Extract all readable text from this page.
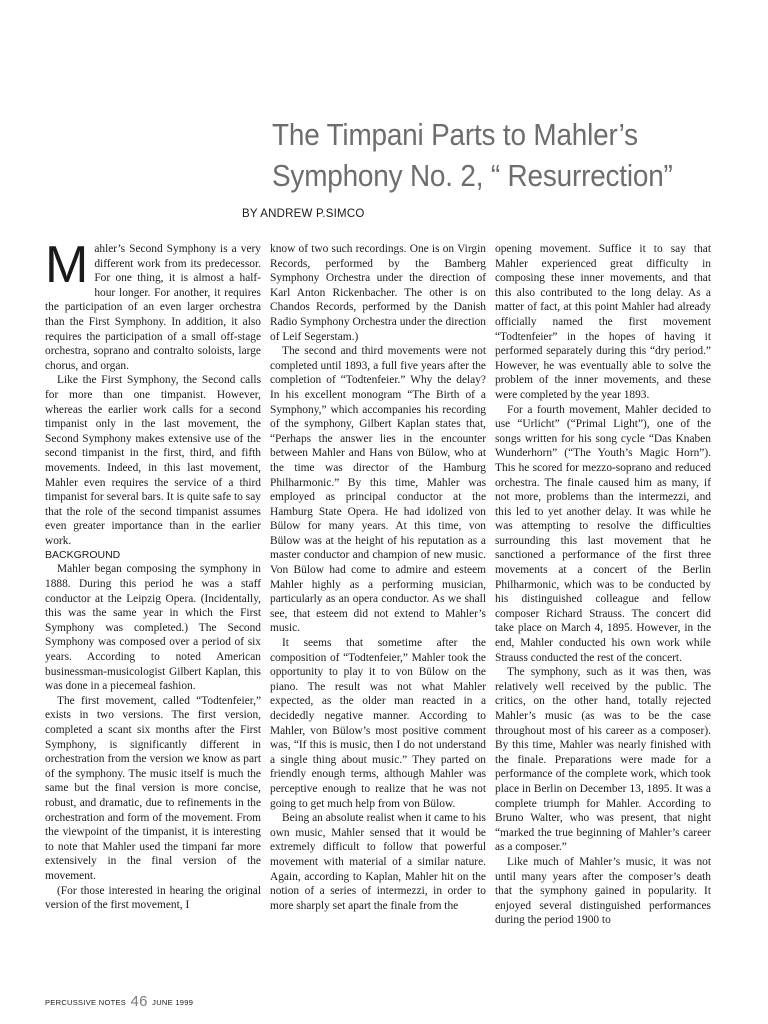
The Timpani Parts to Mahler’s
Symphony No. 2, “ Resurrection”
BY ANDREW P.SIMCO

Mahler’s Second Symphony is a very different work from its predecessor. For one thing, it is almost a half-hour longer. For another, it requires the participation of an even larger orchestra than the First Symphony. In addition, it also requires the participation of a small off-stage orchestra, soprano and contralto soloists, large chorus, and organ.

Like the First Symphony, the Second calls for more than one timpanist. However, whereas the earlier work calls for a second timpanist only in the last movement, the Second Symphony makes extensive use of the second timpanist in the first, third, and fifth movements. Indeed, in this last movement, Mahler even requires the service of a third timpanist for several bars. It is quite safe to say that the role of the second timpanist assumes even greater importance than in the earlier work.

BACKGROUND

Mahler began composing the symphony in 1888. During this period he was a staff conductor at the Leipzig Opera. (Incidentally, this was the same year in which the First Symphony was completed.) The Second Symphony was composed over a period of six years. According to noted American businessman-musicologist Gilbert Kaplan, this was done in a piecemeal fashion.

The first movement, called “Todtenfeier,” exists in two versions. The first version, completed a scant six months after the First Symphony, is significantly different in orchestration from the version we know as part of the symphony. The music itself is much the same but the final version is more concise, robust, and dramatic, due to refinements in the orchestration and form of the movement. From the viewpoint of the timpanist, it is interesting to note that Mahler used the timpani far more extensively in the final version of the movement.

(For those interested in hearing the original version of the first movement, I

know of two such recordings. One is on Virgin Records, performed by the Bamberg Symphony Orchestra under the direction of Karl Anton Rickenbacher. The other is on Chandos Records, performed by the Danish Radio Symphony Orchestra under the direction of Leif Segerstam.)

The second and third movements were not completed until 1893, a full five years after the completion of “Todtenfeier.” Why the delay? In his excellent monogram “The Birth of a Symphony,” which accompanies his recording of the symphony, Gilbert Kaplan states that, “Perhaps the answer lies in the encounter between Mahler and Hans von Bülow, who at the time was director of the Hamburg Philharmonic.” By this time, Mahler was employed as principal conductor at the Hamburg State Opera. He had idolized von Bülow for many years. At this time, von Bülow was at the height of his reputation as a master conductor and champion of new music. Von Bülow had come to admire and esteem Mahler highly as a performing musician, particularly as an opera conductor. As we shall see, that esteem did not extend to Mahler’s music.

It seems that sometime after the composition of “Todtenfeier,” Mahler took the opportunity to play it to von Bülow on the piano. The result was not what Mahler expected, as the older man reacted in a decidedly negative manner. According to Mahler, von Bülow’s most positive comment was, “If this is music, then I do not understand a single thing about music.” They parted on friendly enough terms, although Mahler was perceptive enough to realize that he was not going to get much help from von Bülow.

Being an absolute realist when it came to his own music, Mahler sensed that it would be extremely difficult to follow that powerful movement with material of a similar nature. Again, according to Kaplan, Mahler hit on the notion of a series of intermezzi, in order to more sharply set apart the finale from the

opening movement. Suffice it to say that Mahler experienced great difficulty in composing these inner movements, and that this also contributed to the long delay. As a matter of fact, at this point Mahler had already officially named the first movement “Todtenfeier” in the hopes of having it performed separately during this “dry period.” However, he was eventually able to solve the problem of the inner movements, and these were completed by the year 1893.

For a fourth movement, Mahler decided to use “Urlicht” (“Primal Light”), one of the songs written for his song cycle “Das Knaben Wunderhorn” (“The Youth’s Magic Horn”). This he scored for mezzo-soprano and reduced orchestra. The finale caused him as many, if not more, problems than the intermezzi, and this led to yet another delay. It was while he was attempting to resolve the difficulties surrounding this last movement that he sanctioned a performance of the first three movements at a concert of the Berlin Philharmonic, which was to be conducted by his distinguished colleague and fellow composer Richard Strauss. The concert did take place on March 4, 1895. However, in the end, Mahler conducted his own work while Strauss conducted the rest of the concert.

The symphony, such as it was then, was relatively well received by the public. The critics, on the other hand, totally rejected Mahler’s music (as was to be the case throughout most of his career as a composer). By this time, Mahler was nearly finished with the finale. Preparations were made for a performance of the complete work, which took place in Berlin on December 13, 1895. It was a complete triumph for Mahler. According to Bruno Walter, who was present, that night “marked the true beginning of Mahler’s career as a composer.”

Like much of Mahler’s music, it was not until many years after the composer’s death that the symphony gained in popularity. It enjoyed several distinguished performances during the period 1900 to

PERCUSSIVE NOTES 46 JUNE 1999
